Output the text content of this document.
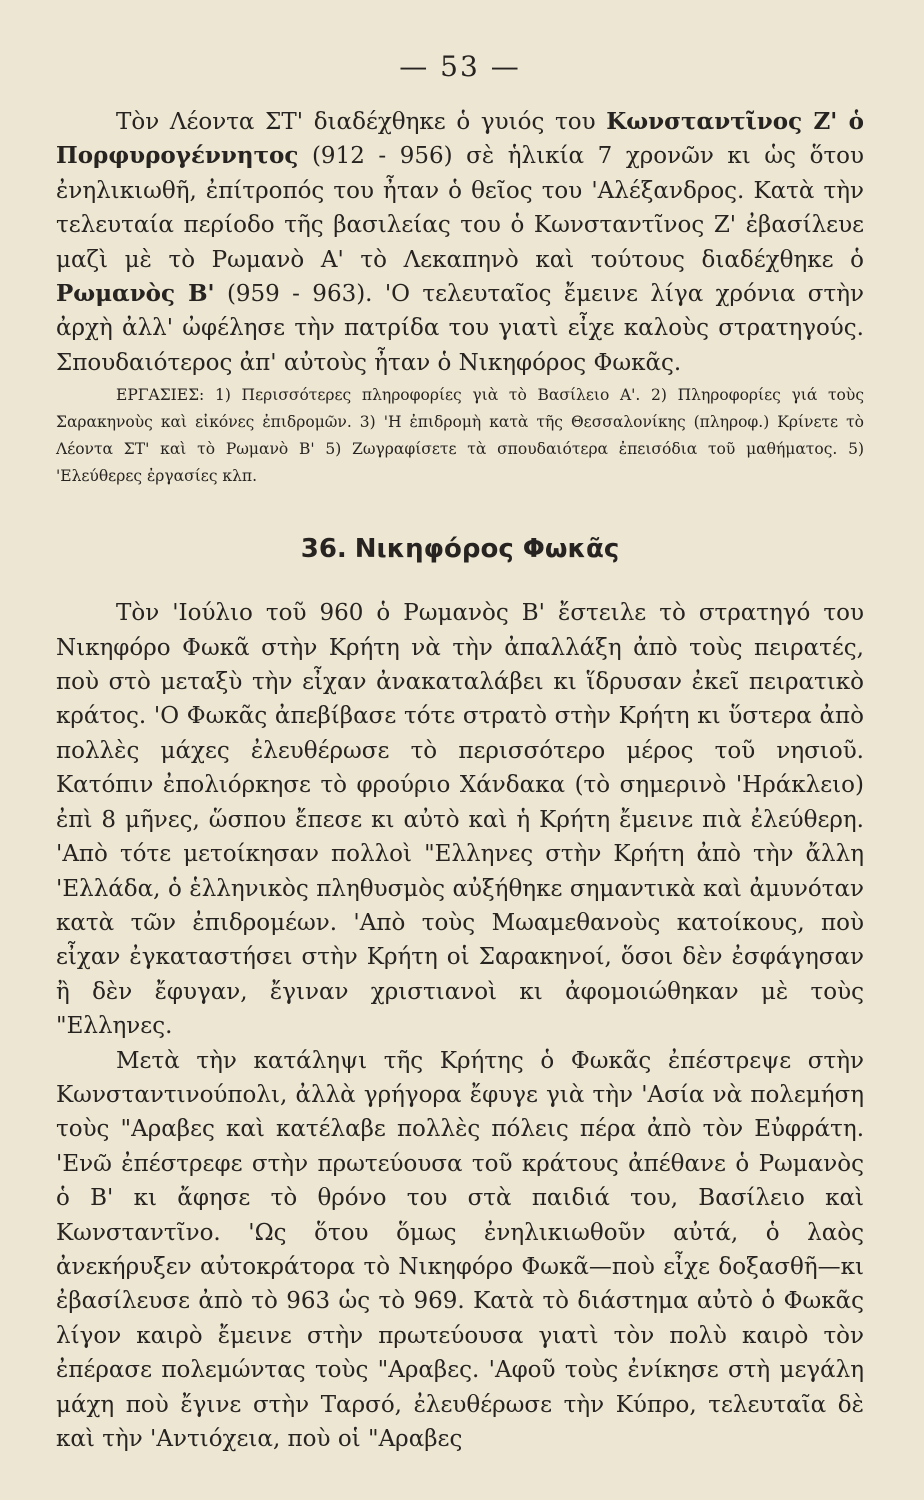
— 53 —

Τὸν Λέοντα ΣΤ' διαδέχθηκε ὁ γυιός του Κωνσταντῖνος Ζ' ὁ Πορφυρογέννητος (912 - 956) σὲ ἡλικία 7 χρονῶν κι ὡς ὅτου ἐνηλικιωθῆ, ἐπίτροπός του ἦταν ὁ θεῖος του 'Αλέξανδρος. Κατὰ τὴν τελευταία περίοδο τῆς βασιλείας του ὁ Κωνσταντῖνος Ζ' ἐβασίλευε μαζὶ μὲ τὸ Ρωμανὸ Α' τὸ Λεκαπηνὸ καὶ τούτους διαδέχθηκε ὁ Ρωμανὸς Β' (959 - 963). 'Ο τελευταῖος ἔμεινε λίγα χρόνια στὴν ἀρχὴ ἀλλ' ὠφέλησε τὴν πατρίδα του γιατὶ εἶχε καλοὺς στρατηγούς. Σπουδαιότερος ἀπ' αὐτοὺς ἦταν ὁ Νικηφόρος Φωκᾶς.

ΕΡΓΑΣΙΕΣ: 1) Περισσότερες πληροφορίες γιὰ τὸ Βασίλειο Α'. 2) Πληροφορίες γιά τοὺς Σαρακηνοὺς καὶ εἰκόνες ἐπιδρομῶν. 3) 'Η ἐπιδρομὴ κατὰ τῆς Θεσσαλονίκης (πληροφ.) Κρίνετε τὸ Λέοντα ΣΤ' καὶ τὸ Ρωμανὸ Β' 5) Ζωγραφίσετε τὰ σπουδαιότερα ἐπεισόδια τοῦ μαθήματος. 5) 'Ελεύθερες ἐργασίες κλπ.

36. Νικηφόρος Φωκᾶς

Τὸν 'Ιούλιο τοῦ 960 ὁ Ρωμανὸς Β' ἔστειλε τὸ στρατηγό του Νικηφόρο Φωκᾶ στὴν Κρήτη νὰ τὴν ἀπαλλάξη ἀπὸ τοὺς πειρατές, ποὺ στὸ μεταξὺ τὴν εἶχαν ἀνακαταλάβει κι ἵδρυσαν ἐκεῖ πειρατικὸ κράτος. 'Ο Φωκᾶς ἀπεβίβασε τότε στρατὸ στὴν Κρήτη κι ὕστερα ἀπὸ πολλὲς μάχες ἐλευθέρωσε τὸ περισσότερο μέρος τοῦ νησιοῦ. Κατόπιν ἐπολιόρκησε τὸ φρούριο Χάνδακα (τὸ σημερινὸ 'Ηράκλειο) ἐπὶ 8 μῆνες, ὥσπου ἔπεσε κι αὐτὸ καὶ ἡ Κρήτη ἔμεινε πιὰ ἐλεύθερη. 'Απὸ τότε μετοίκησαν πολλοὶ "Ελληνες στὴν Κρήτη ἀπὸ τὴν ἄλλη 'Ελλάδα, ὁ ἑλληνικὸς πληθυσμὸς αὐξήθηκε σημαντικὰ καὶ ἀμυνόταν κατὰ τῶν ἐπιδρομέων. 'Απὸ τοὺς Μωαμεθανοὺς κατοίκους, ποὺ εἶχαν ἐγκαταστήσει στὴν Κρήτη οἱ Σαρακηνοί, ὅσοι δὲν ἐσφάγησαν ἢ δὲν ἔφυγαν, ἔγιναν χριστιανοὶ κι ἀφομοιώθηκαν μὲ τοὺς "Ελληνες.

Μετὰ τὴν κατάληψι τῆς Κρήτης ὁ Φωκᾶς ἐπέστρεψε στὴν Κωνσταντινούπολι, ἀλλὰ γρήγορα ἔφυγε γιὰ τὴν 'Ασία νὰ πολεμήση τοὺς "Αραβες καὶ κατέλαβε πολλὲς πόλεις πέρα ἀπὸ τὸν Εὐφράτη. 'Ενῶ ἐπέστρεφε στὴν πρωτεύουσα τοῦ κράτους ἀπέθανε ὁ Ρωμανὸς ὁ Β' κι ἄφησε τὸ θρόνο του στὰ παιδιά του, Βασίλειο καὶ Κωνσταντῖνο. 'Ως ὅτου ὅμως ἐνηλικιωθοῦν αὐτά, ὁ λαὸς ἀνεκήρυξεν αὐτοκράτορα τὸ Νικηφόρο Φωκᾶ—ποὺ εἶχε δοξασθῆ—κι ἐβασίλευσε ἀπὸ τὸ 963 ὡς τὸ 969. Κατὰ τὸ διάστημα αὐτὸ ὁ Φωκᾶς λίγον καιρὸ ἔμεινε στὴν πρωτεύουσα γιατὶ τὸν πολὺ καιρὸ τὸν ἐπέρασε πολεμώντας τοὺς "Αραβες. 'Αφοῦ τοὺς ἐνίκησε στὴ μεγάλη μάχη ποὺ ἔγινε στὴν Ταρσό, ἐλευθέρωσε τὴν Κύπρο, τελευταῖα δὲ καὶ τὴν 'Αντιόχεια, ποὺ οἱ "Αραβες
